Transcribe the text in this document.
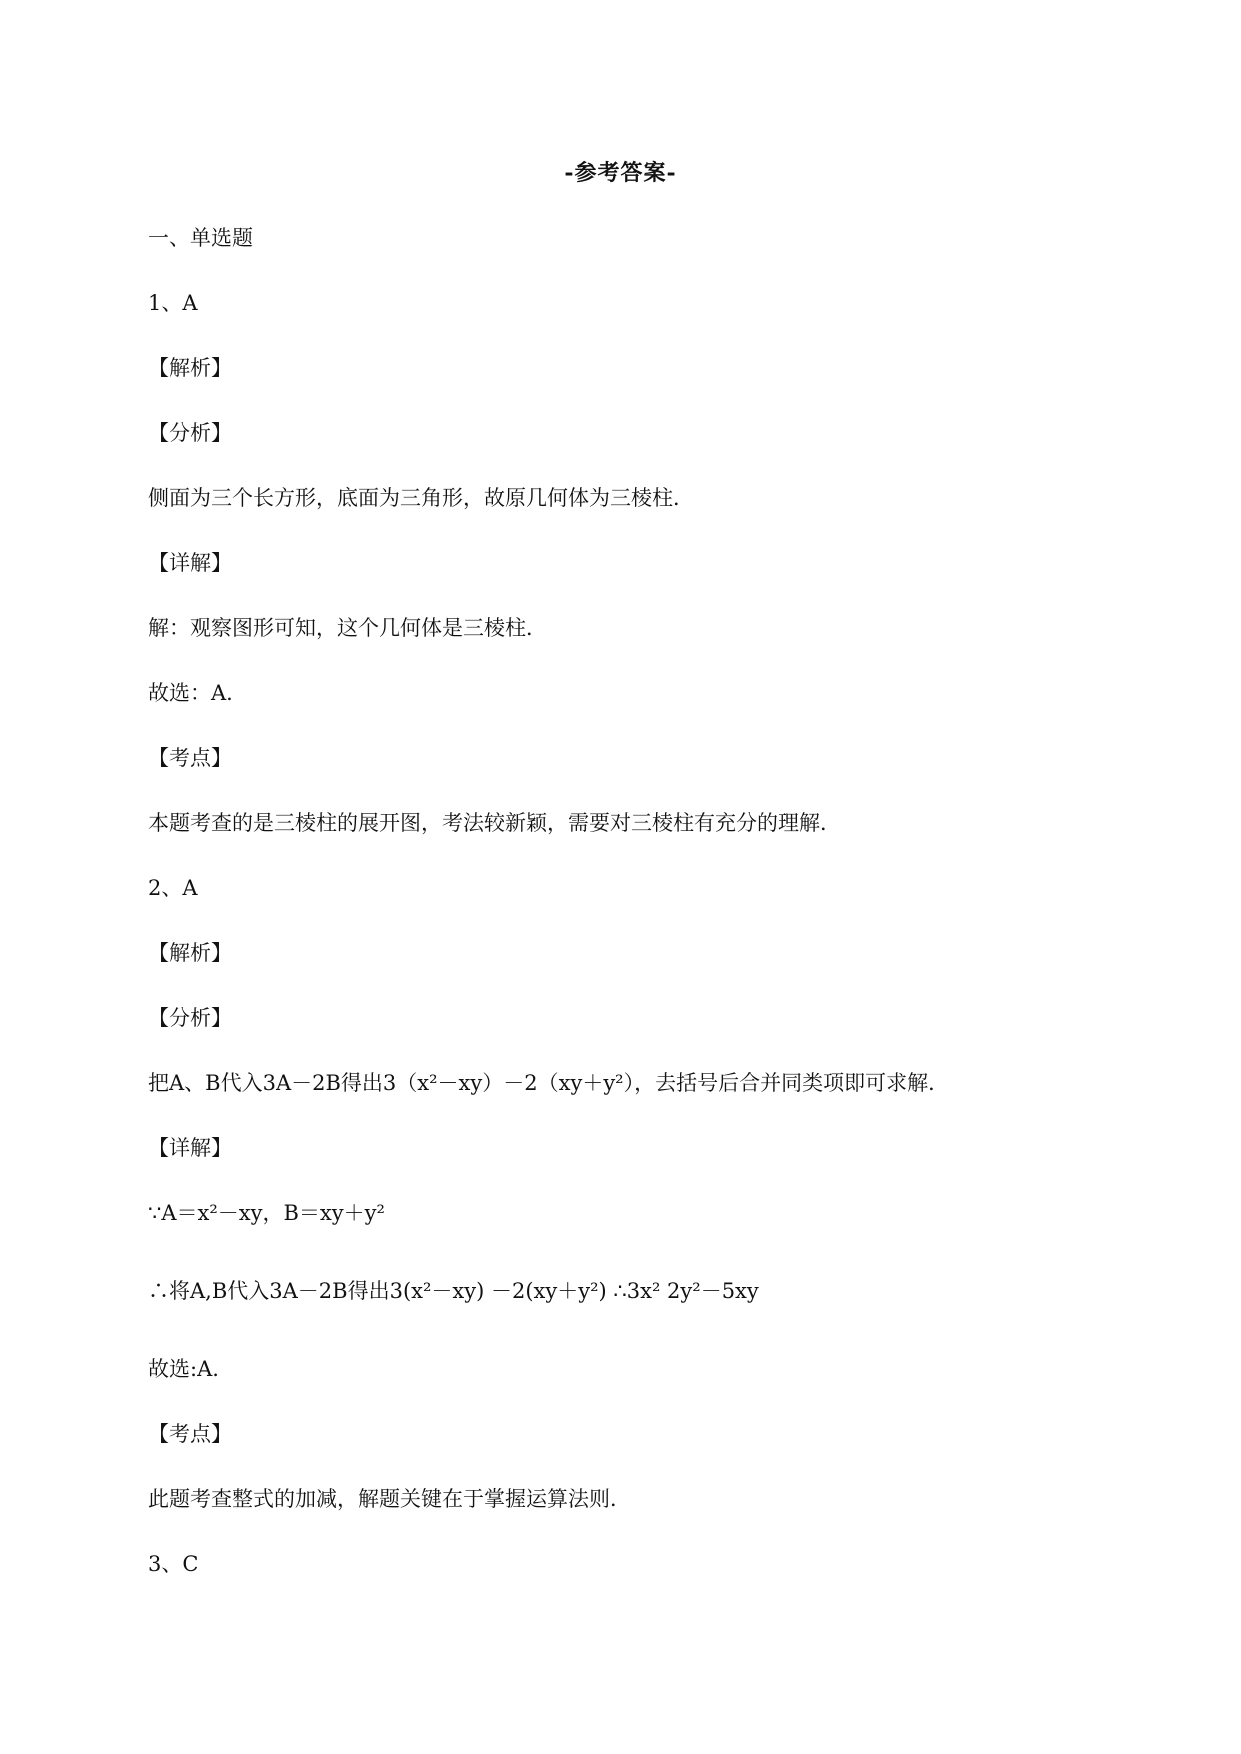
-参考答案-
一、单选题
1、A
【解析】
【分析】
侧面为三个长方形，底面为三角形，故原几何体为三棱柱．
【详解】
解：观察图形可知，这个几何体是三棱柱．
故选：A.
【考点】
本题考查的是三棱柱的展开图，考法较新颖，需要对三棱柱有充分的理解．
2、A
【解析】
【分析】
把A、B代入3A－2B得出3（x²－xy）－2（xy＋y²），去括号后合并同类项即可求解．
【详解】
∵A＝x²－xy，B＝xy＋y²
∴将A,B代入3A－2B得出3(x²－xy) －2(xy＋y²) ∴3x² 2y²－5xy
故选:A.
【考点】
此题考查整式的加减，解题关键在于掌握运算法则．
3、C
